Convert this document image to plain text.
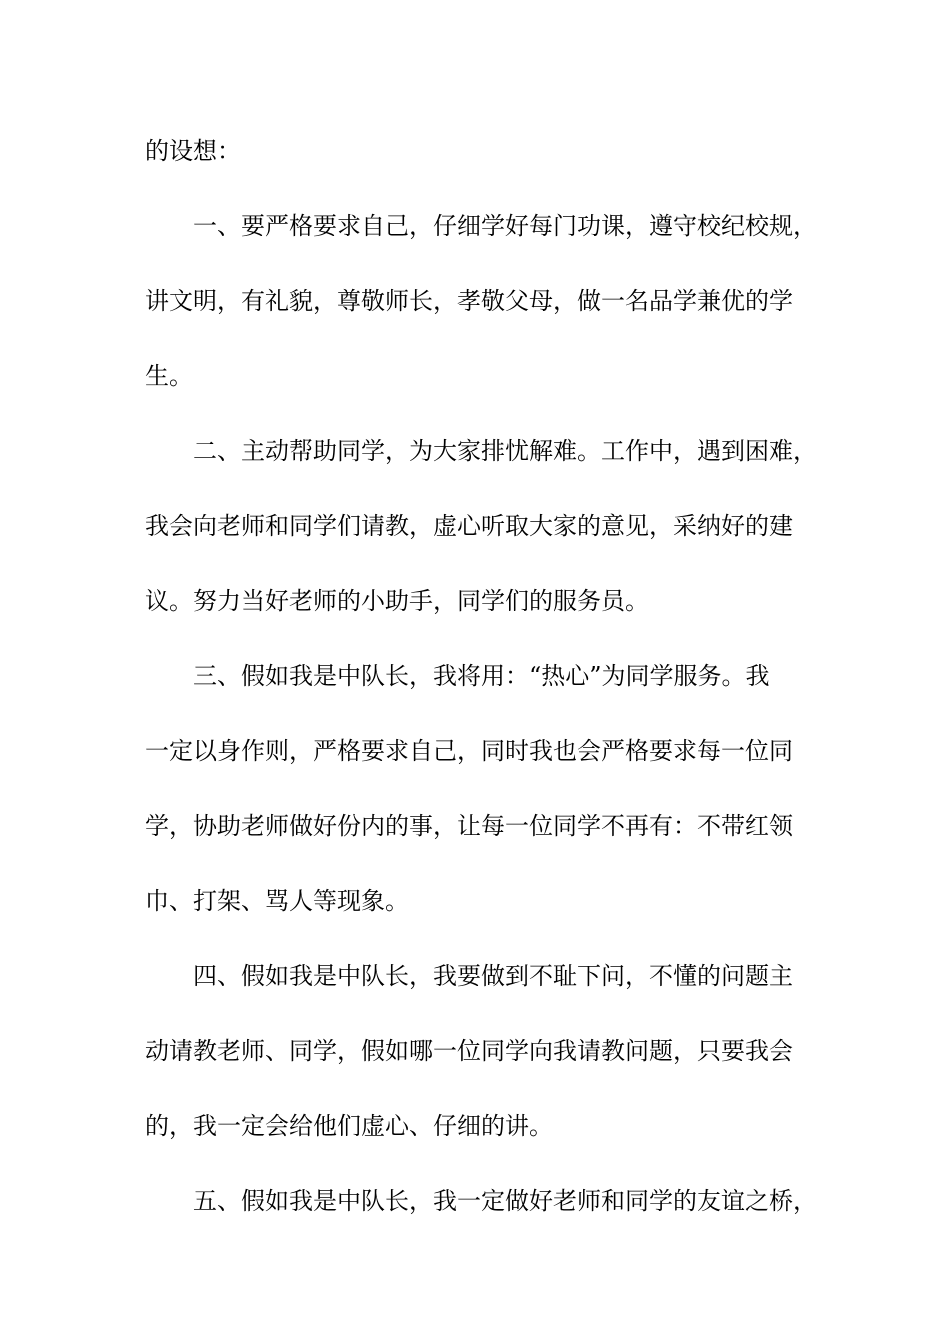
的设想：

一、要严格要求自己，仔细学好每门功课，遵守校纪校规，

讲文明，有礼貌，尊敬师长，孝敬父母，做一名品学兼优的学

生。

二、主动帮助同学，为大家排忧解难。工作中，遇到困难，

我会向老师和同学们请教，虚心听取大家的意见，采纳好的建

议。努力当好老师的小助手，同学们的服务员。

三、假如我是中队长，我将用：“热心”为同学服务。我

一定以身作则，严格要求自己，同时我也会严格要求每一位同

学，协助老师做好份内的事，让每一位同学不再有：不带红领

巾、打架、骂人等现象。

四、假如我是中队长，我要做到不耻下问，不懂的问题主

动请教老师、同学，假如哪一位同学向我请教问题，只要我会

的，我一定会给他们虚心、仔细的讲。

五、假如我是中队长，我一定做好老师和同学的友谊之桥，
